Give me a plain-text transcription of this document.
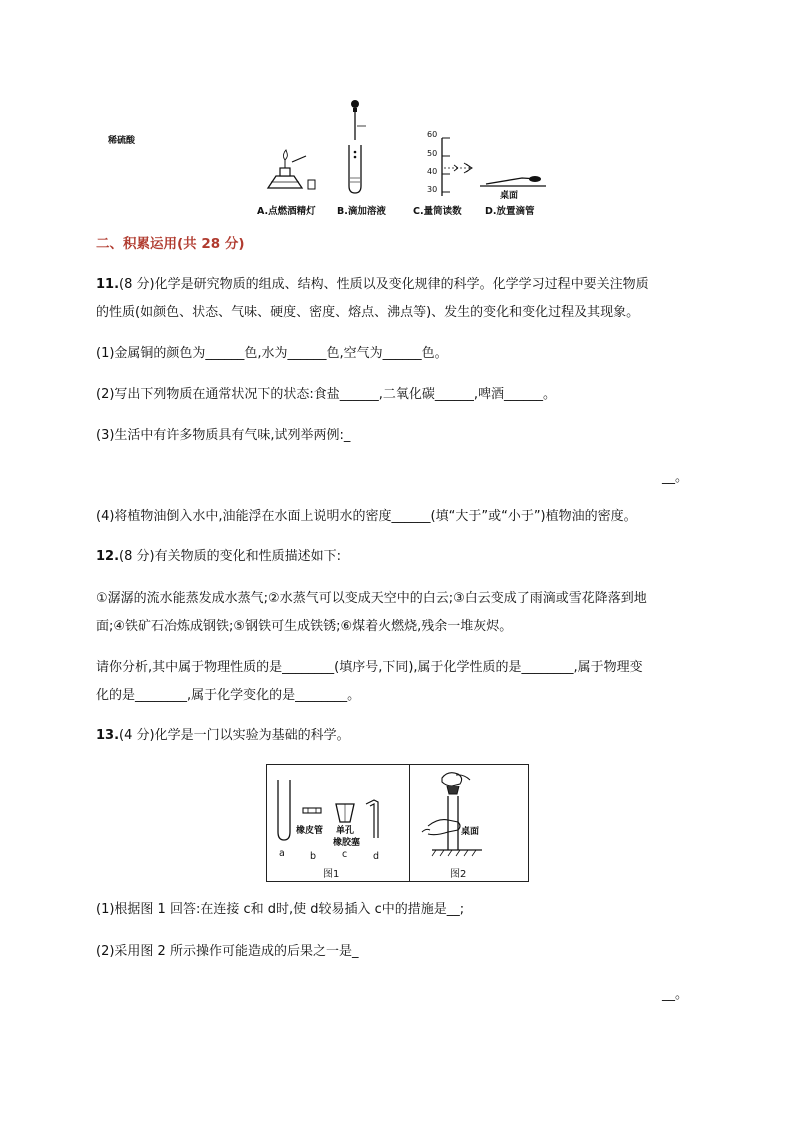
稀硫酸
60
50
40
30
桌面
A.点燃酒精灯 B.滴加溶液	C.量筒读数 D.放置滴管
二、积累运用(共 28 分)
11.(8 分)化学是研究物质的组成、结构、性质以及变化规律的科学。化学学习过程中要关注物质
的性质(如颜色、状态、气味、硬度、密度、熔点、沸点等)、发生的变化和变化过程及其现象。
(1)金属铜的颜色为______色,水为______色,空气为______色。
(2)写出下列物质在通常状况下的状态:食盐______,二氧化碳______,啤酒______。
(3)生活中有许多物质具有气味,试列举两例:_
__。
(4)将植物油倒入水中,油能浮在水面上说明水的密度______(填“大于”或“小于”)植物油的密度。
12.(8 分)有关物质的变化和性质描述如下:
①潺潺的流水能蒸发成水蒸气;②水蒸气可以变成天空中的白云;③白云变成了雨滴或雪花降落到地
面;④铁矿石冶炼成钢铁;⑤钢铁可生成铁锈;⑥煤着火燃烧,残余一堆灰烬。
请你分析,其中属于物理性质的是________(填序号,下同),属于化学性质的是________,属于物理变
化的是________,属于化学变化的是________。
13.(4 分)化学是一门以实验为基础的科学。
橡皮管 单孔
橡胶塞
a	b	c	d
图1
桌面
图2
(1)根据图 1 回答:在连接 c和 d时,使 d较易插入 c中的措施是__;
(2)采用图 2 所示操作可能造成的后果之一是_
__。
